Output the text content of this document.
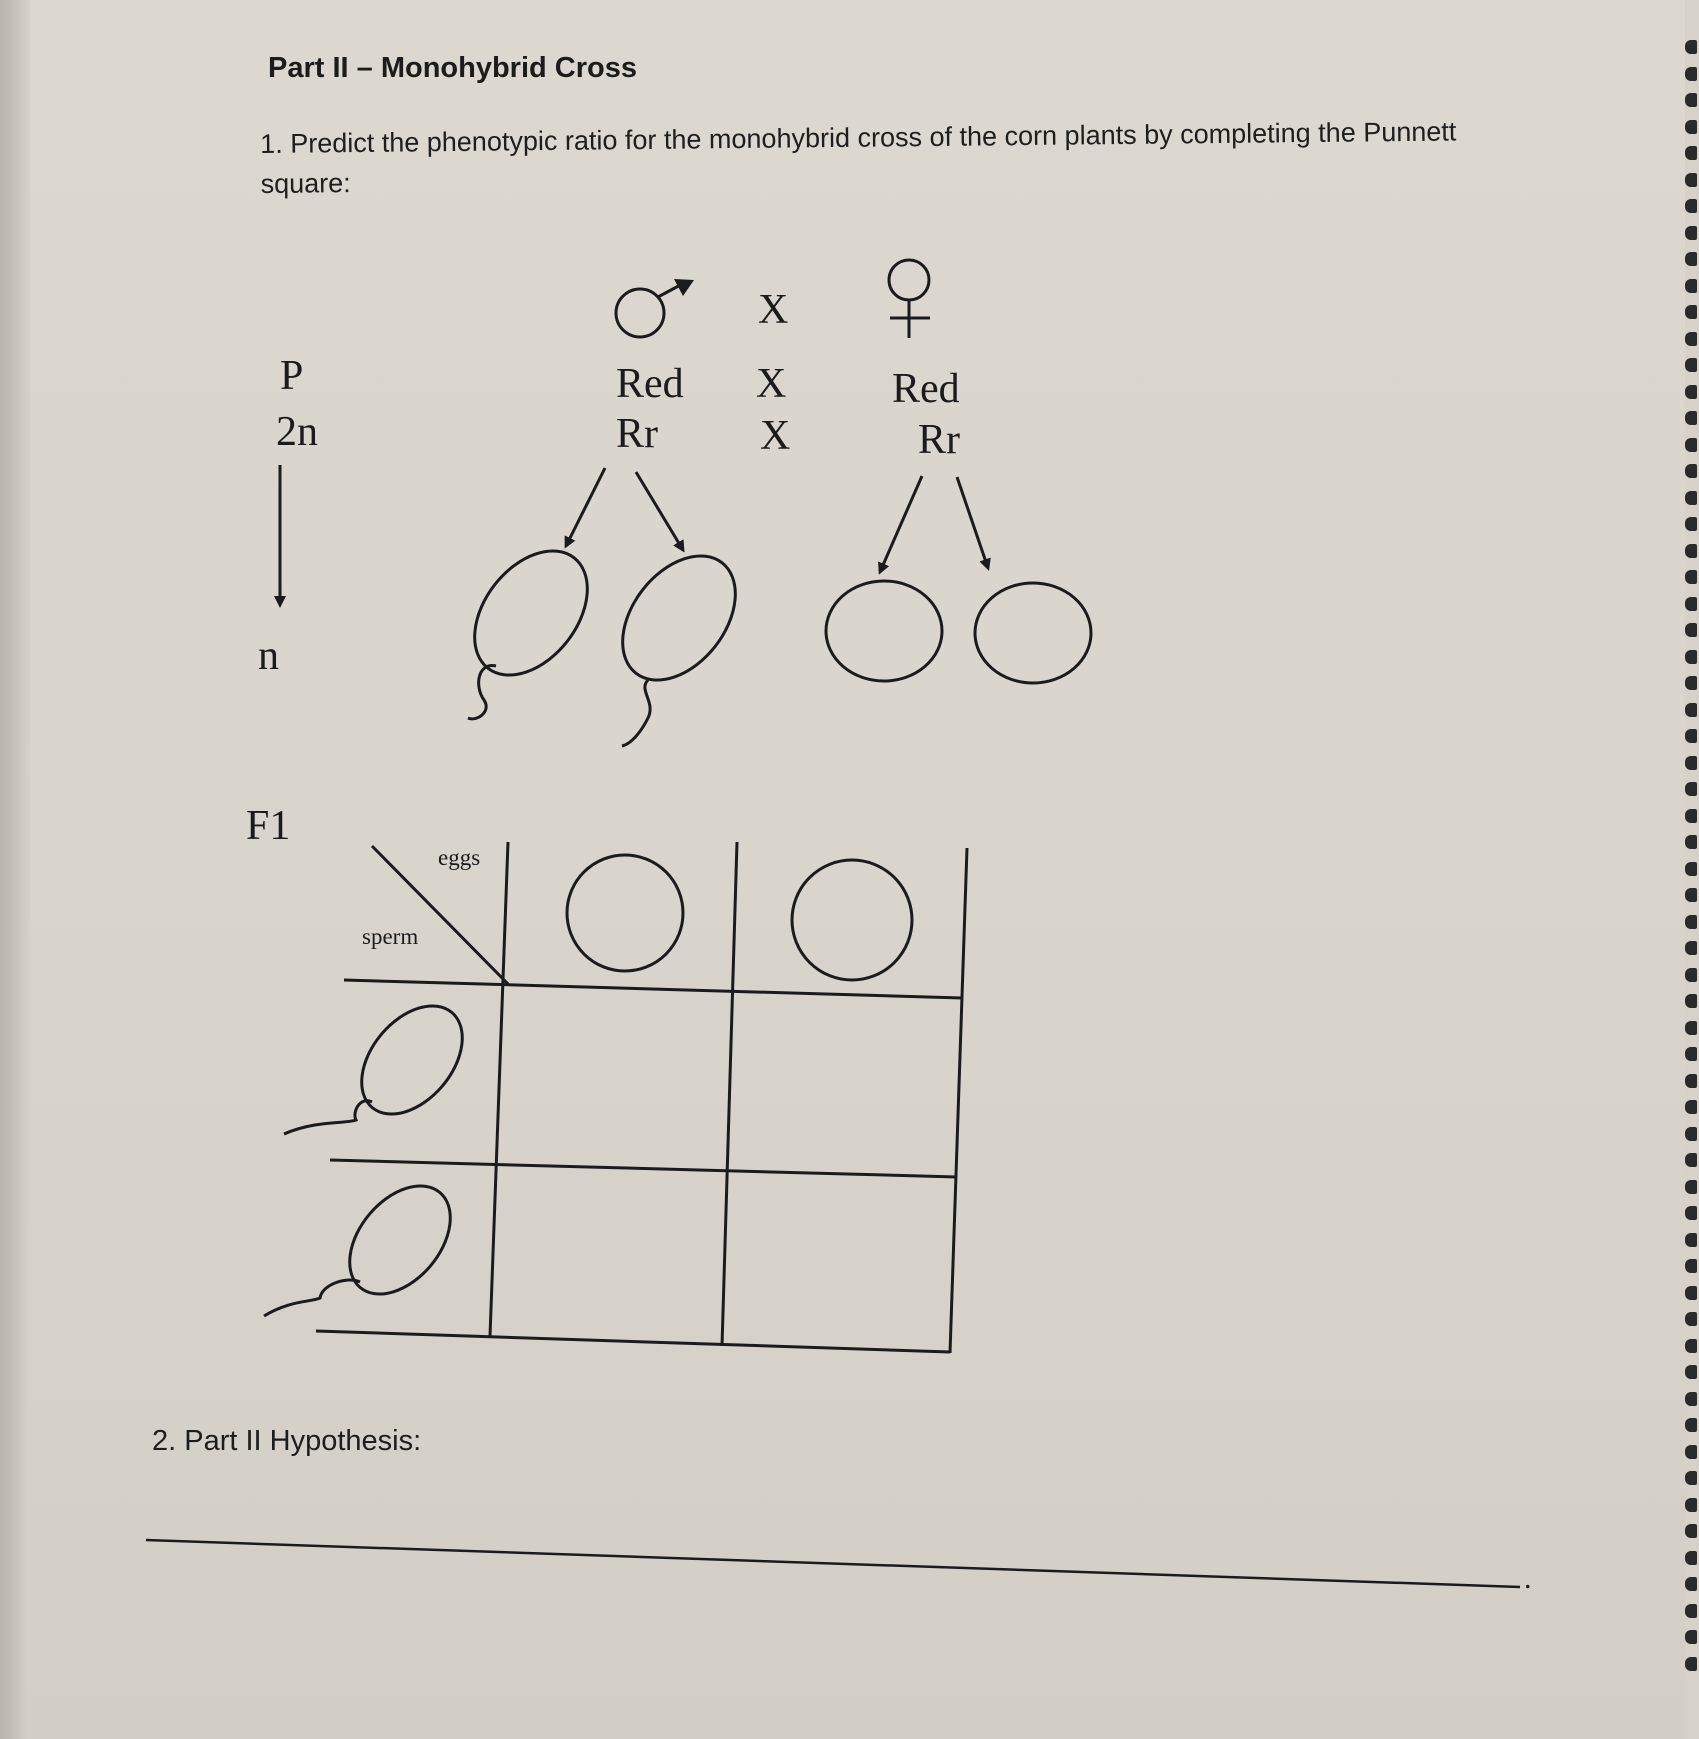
Part II – Monohybrid Cross
1. Predict the phenotypic ratio for the monohybrid cross of the corn plants by completing the Punnett square:
P
2n
n
F1
X
Red X	Red
Rr X	Rr
eggs
sperm
2. Part II Hypothesis:
.
